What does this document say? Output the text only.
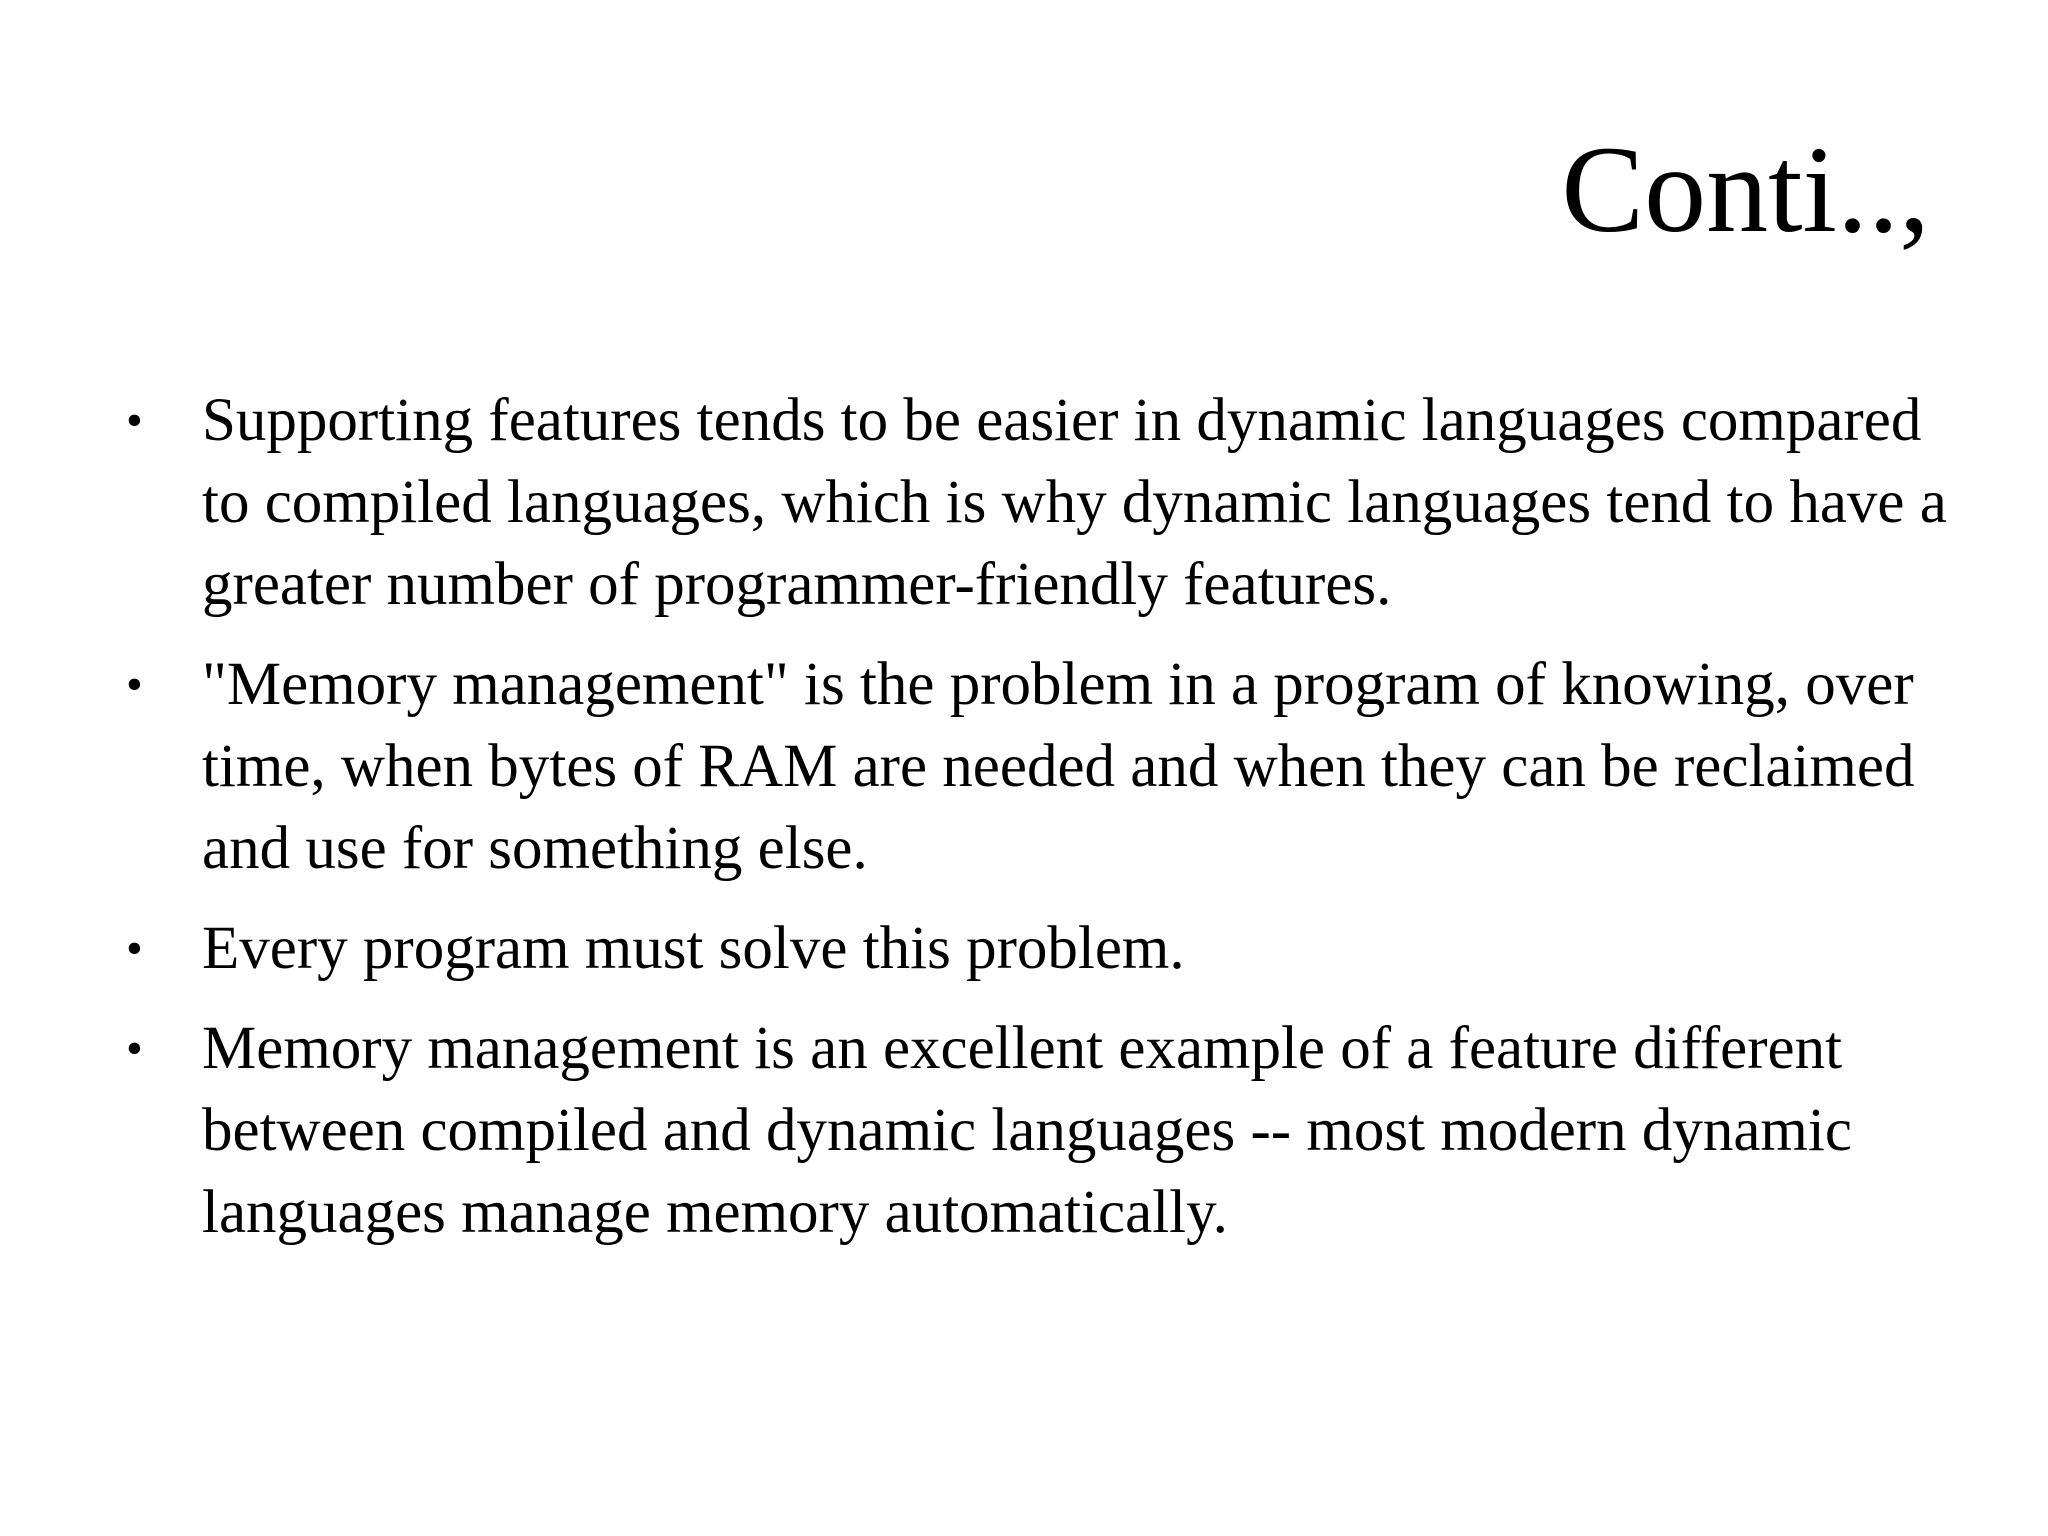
Conti..,
• Supporting features tends to be easier in dynamic languages compared to compiled languages, which is why dynamic languages tend to have a greater number of programmer-friendly features.
• "Memory management" is the problem in a program of knowing, over time, when bytes of RAM are needed and when they can be reclaimed and use for something else.
• Every program must solve this problem.
• Memory management is an excellent example of a feature different between compiled and dynamic languages -- most modern dynamic languages manage memory automatically.
